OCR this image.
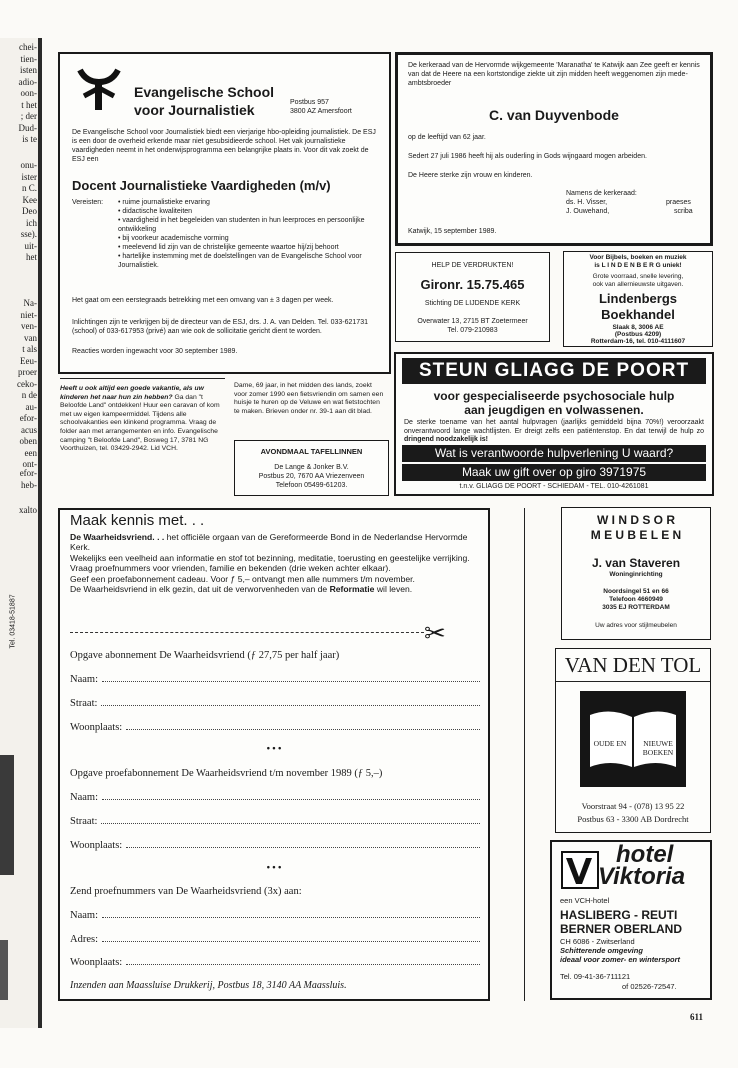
chei-
tien-
isten
adio-
oon-
t het
; der
Dud-
is te
onu-
ister
n C.
Kee
Deo
ich
sse).
uit-
het
Na-
niet-
ven-
van
t als
Eeu-
proer
ceko-
n de
au-
efor-
acus
oben
een
ont-
efor-
heb-
xalto
Tel. 03418-51887
Evangelische School
voor Journalistiek	Postbus 957
3800 AZ Amersfoort
De Evangelische School voor Journalistiek biedt een vierjarige hbo-opleiding journalistiek. De ESJ is een door de overheid erkende maar niet gesubsidieerde school. Het vak journalistieke vaardigheden neemt in het onderwijsprogramma een belangrijke plaats in. Voor dit vak zoekt de ESJ een
Docent Journalistieke Vaardigheden (m/v)
Vereisten: • ruime journalistieke ervaring
• didactische kwaliteiten
• vaardigheid in het begeleiden van studenten in hun leerproces en persoonlijke ontwikkeling
• bij voorkeur academische vorming
• meelevend lid zijn van de christelijke gemeente waartoe hij/zij behoort
• hartelijke instemming met de doelstellingen van de Evangelische School voor Journalistiek.
Het gaat om een eerstegraads betrekking met een omvang van ± 3 dagen per week.
Inlichtingen zijn te verkrijgen bij de directeur van de ESJ, drs. J. A. van Delden. Tel. 033-621731 (school) of 033-617953 (privé) aan wie ook de sollicitatie gericht dient te worden.
Reacties worden ingewacht voor 30 september 1989.
De kerkeraad van de Hervormde wijkgemeente 'Maranatha' te Katwijk aan Zee geeft er kennis van dat de Heere na een kortstondige ziekte uit zijn midden heeft weggenomen zijn mede-ambtsbroeder
C. van Duyvenbode
op de leeftijd van 62 jaar.
Sedert 27 juli 1986 heeft hij als ouderling in Gods wijngaard mogen arbeiden.
De Heere sterke zijn vrouw en kinderen.
Namens de kerkeraad:
ds. H. Visser,	praeses
J. Ouwehand,	scriba
Katwijk, 15 september 1989.
HELP DE VERDRUKTEN!
Gironr. 15.75.465
Stichting DE LIJDENDE KERK
Overwater 13, 2715 BT Zoetermeer
Tel. 079-210983
Voor Bijbels, boeken en muziek
is L I N D E N B E R G uniek!
Grote voorraad, snelle levering,
ook van allernieuwste uitgaven.
Lindenbergs
Boekhandel
Slaak 8, 3006 AE
(Postbus 4209)
Rotterdam-16, tel. 010-4111607
STEUN GLIAGG DE POORT
voor gespecialiseerde psychosociale hulp
aan jeugdigen en volwassenen.
De sterke toename van het aantal hulpvragen (jaarlijks gemiddeld bijna 70%!) veroorzaakt onverantwoord lange wachtlijsten. Er dreigt zelfs een patiëntenstop. En dat terwijl de hulp zo dringend noodzakelijk is!
Wat is verantwoorde hulpverlening U waard?
Maak uw gift over op giro 3971975
t.n.v. GLIAGG DE POORT - SCHIEDAM - TEL. 010-4261081
Heeft u ook altijd een goede vakantie, als uw kinderen het naar hun zin hebben? Ga dan "t Beloofde Land" ontdekken! Huur een caravan of kom met uw eigen kampeermiddel. Tijdens alle schoolvakanties een klinkend programma. Vraag de folder aan met arrangementen en info. Evangelische camping "t Beloofde Land", Bosweg 17, 3781 NG Voorthuizen, tel. 03429-2942. Lid VCH.
Dame, 69 jaar, in het midden des lands, zoekt voor zomer 1990 een fietsvriendin om samen een huisje te huren op de Veluwe en wat fietstochten te maken. Brieven onder nr. 39-1 aan dit blad.
AVONDMAAL TAFELLINNEN
De Lange & Jonker B.V.
Postbus 20, 7670 AA Vriezenveen
Telefoon 05499-61203.
Maak kennis met. . .
De Waarheidsvriend. . . het officiële orgaan van de Gereformeerde Bond in de Nederlandse Hervormde Kerk.
Wekelijks een veelheid aan informatie en stof tot bezinning, meditatie, toerusting en geestelijke verrijking.
Vraag proefnummers voor vrienden, familie en bekenden (drie weken achter elkaar).
Geef een proefabonnement cadeau. Voor ƒ 5,– ontvangt men alle nummers t/m november.
De Waarheidsvriend in elk gezin, dat uit de verworvenheden van de Reformatie wil leven.
✂
Opgave abonnement De Waarheidsvriend (ƒ 27,75 per half jaar)
Naam:
Straat:
Woonplaats:
• • •
Opgave proefabonnement De Waarheidsvriend t/m november 1989 (ƒ 5,–)
Naam:
Straat:
Woonplaats:
• • •
Zend proefnummers van De Waarheidsvriend (3x) aan:
Naam:
Adres:
Woonplaats:
Inzenden aan Maassluise Drukkerij, Postbus 18, 3140 AA Maassluis.
W I N D S O R
M E U B E L E N
J. van Staveren
Woninginrichting
Noordsingel 51 en 66
Telefoon 4660949
3035 EJ ROTTERDAM
Uw adres voor stijlmeubelen
VAN DEN TOL
OUDE EN	NIEUWE BOEKEN
Voorstraat 94 - (078) 13 95 22
Postbus 63 - 3300 AB Dordrecht
hotel
Viktoria
een VCH-hotel
HASLIBERG - REUTI
BERNER OBERLAND
CH 6086 - Zwitserland
Schitterende omgeving
ideaal voor zomer- en wintersport
Tel. 09-41-36-711121
of 02526-72547.
611
